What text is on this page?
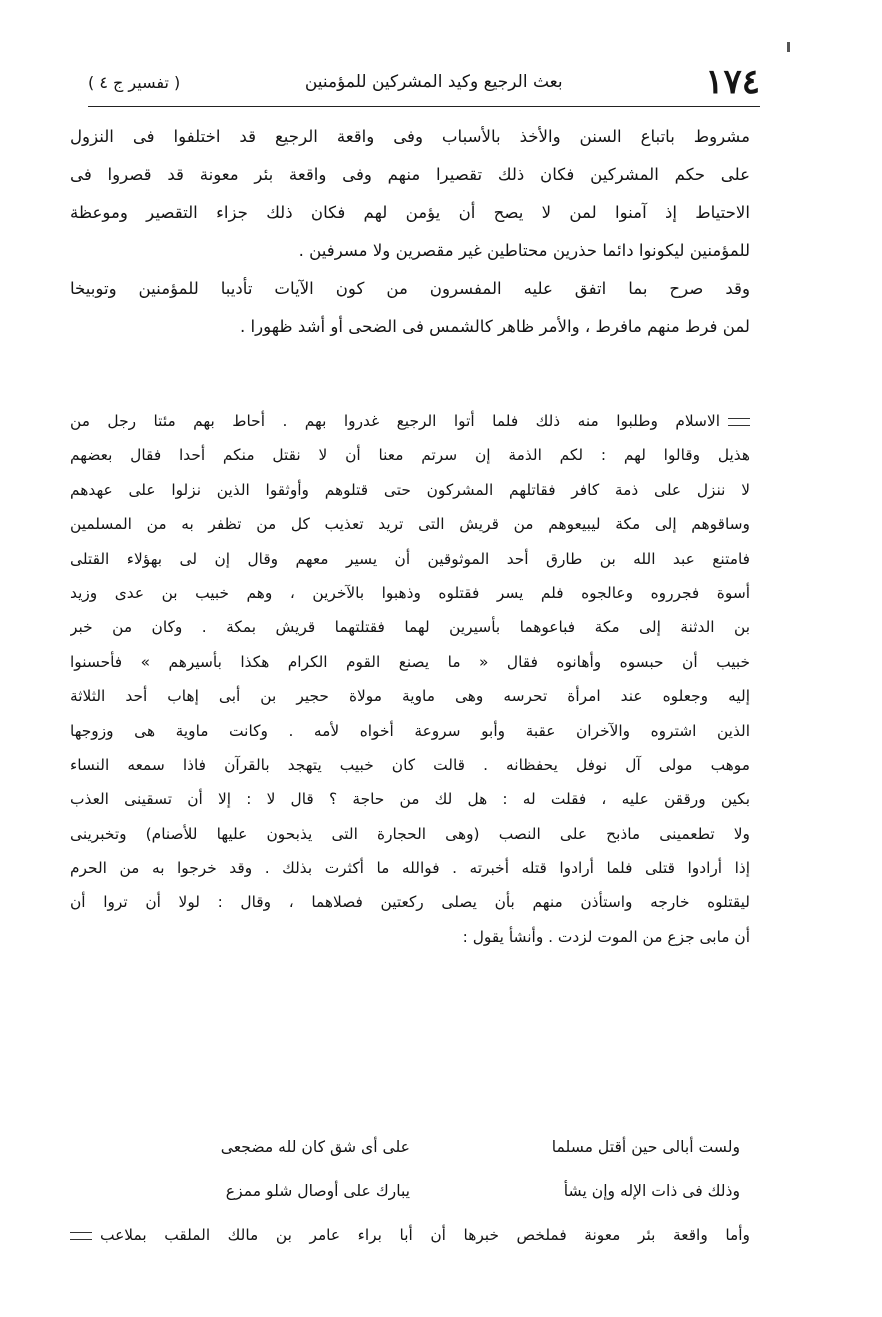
١٧٤
بعث الرجيع وكيد المشركين للمؤمنين
( تفسير ج ٤ )
مشروط باتباع السنن والأخذ بالأسباب وفى واقعة الرجيع قد اختلفوا فى النزول
على حكم المشركين فكان ذلك تقصيرا منهم وفى واقعة بئر معونة قد قصروا فى
الاحتياط إذ آمنوا لمن لا يصح أن يؤمن لهم فكان ذلك جزاء التقصير وموعظة
للمؤمنين ليكونوا دائما حذرين محتاطين غير مقصرين ولا مسرفين .
وقد صرح بما اتفق عليه المفسرون من كون الآيات تأديبا للمؤمنين وتوبيخا
لمن فرط منهم مافرط ، والأمر ظاهر كالشمس فى الضحى أو أشد ظهورا .
الاسلام وطلبوا منه ذلك فلما أتوا الرجيع غدروا بهم . أحاط بهم مئتا رجل من
هذيل وقالوا لهم : لكم الذمة إن سرتم معنا أن لا نقتل منكم أحدا فقال بعضهم
لا ننزل على ذمة كافر فقاتلهم المشركون حتى قتلوهم وأوثقوا الذين نزلوا على عهدهم
وساقوهم إلى مكة ليبيعوهم من قريش التى تريد تعذيب كل من تظفر به من المسلمين
فامتنع عبد الله بن طارق أحد الموثوقين أن يسير معهم وقال إن لى بهؤلاء القتلى
أسوة فجرروه وعالجوه فلم يسر فقتلوه وذهبوا بالآخرين ، وهم خبيب بن عدى وزيد
بن الدثنة إلى مكة فباعوهما بأسيرين لهما فقتلتهما قريش بمكة . وكان من خبر
خبيب أن حبسوه وأهانوه فقال « ما يصنع القوم الكرام هكذا بأسيرهم » فأحسنوا
إليه وجعلوه عند امرأة تحرسه وهى ماوية مولاة حجير بن أبى إهاب أحد الثلاثة
الذين اشتروه والآخران عقبة وأبو سروعة أخواه لأمه . وكانت ماوية هى وزوجها
موهب مولى آل نوفل يحفظانه . قالت كان خبيب يتهجد بالقرآن فاذا سمعه النساء
بكين ورققن عليه ، فقلت له : هل لك من حاجة ؟ قال لا : إلا أن تسقينى العذب
ولا تطعمينى ماذبح على النصب (وهى الحجارة التى يذبحون عليها للأصنام) وتخبرينى
إذا أرادوا قتلى فلما أرادوا قتله أخبرته . فوالله ما أكثرت بذلك . وقد خرجوا به من الحرم
ليقتلوه خارجه واستأذن منهم بأن يصلى ركعتين فصلاهما ، وقال : لولا أن تروا أن
أن مابى جزع من الموت لزدت . وأنشأ يقول :
ولست أبالى حين أقتل مسلما
على أى شق كان لله مضجعى
وذلك فى ذات الإله وإن يشأ
يبارك على أوصال شلو ممزع
وأما واقعة بئر معونة فملخص خبرها أن أبا براء عامر بن مالك الملقب بملاعب
